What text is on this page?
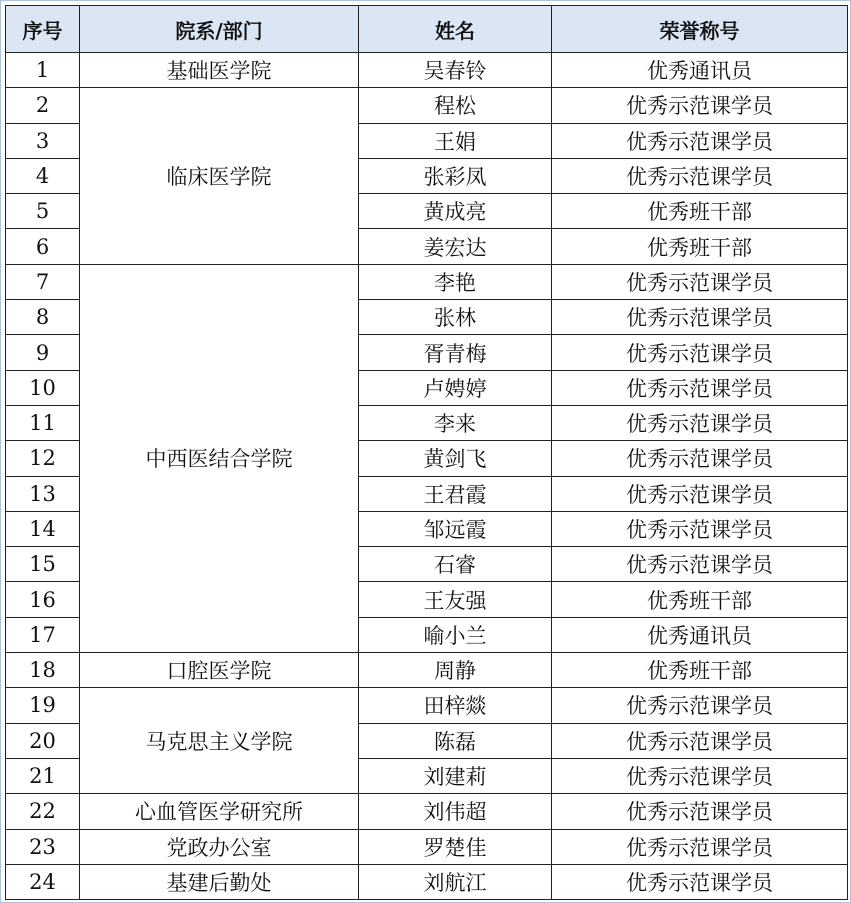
序号	院系/部门	姓名	荣誉称号
1	基础医学院	吴春铃	优秀通讯员
2	临床医学院	程松	优秀示范课学员
3		王娟	优秀示范课学员
4		张彩凤	优秀示范课学员
5		黄成亮	优秀班干部
6		姜宏达	优秀班干部
7	中西医结合学院	李艳	优秀示范课学员
8		张林	优秀示范课学员
9		胥青梅	优秀示范课学员
10		卢娉婷	优秀示范课学员
11		李来	优秀示范课学员
12		黄剑飞	优秀示范课学员
13		王君霞	优秀示范课学员
14		邹远霞	优秀示范课学员
15		石睿	优秀示范课学员
16		王友强	优秀班干部
17		喻小兰	优秀通讯员
18	口腔医学院	周静	优秀班干部
19	马克思主义学院	田梓燚	优秀示范课学员
20		陈磊	优秀示范课学员
21		刘建莉	优秀示范课学员
22	心血管医学研究所	刘伟超	优秀示范课学员
23	党政办公室	罗楚佳	优秀示范课学员
24	基建后勤处	刘航江	优秀示范课学员
